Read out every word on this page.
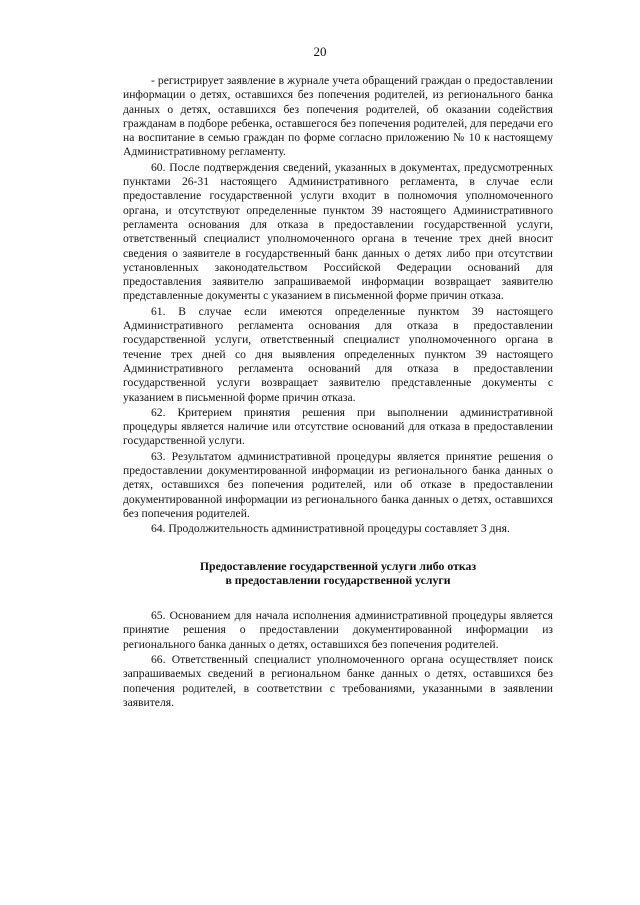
20

- регистрирует заявление в журнале учета обращений граждан о предоставлении информации о детях, оставшихся без попечения родителей, из регионального банка данных о детях, оставшихся без попечения родителей, об оказании содействия гражданам в подборе ребенка, оставшегося без попечения родителей, для передачи его на воспитание в семью граждан по форме согласно приложению № 10 к настоящему Административному регламенту.

60. После подтверждения сведений, указанных в документах, предусмотренных пунктами 26-31 настоящего Административного регламента, в случае если предоставление государственной услуги входит в полномочия уполномоченного органа, и отсутствуют определенные пунктом 39 настоящего Административного регламента основания для отказа в предоставлении государственной услуги, ответственный специалист уполномоченного органа в течение трех дней вносит сведения о заявителе в государственный банк данных о детях либо при отсутствии установленных законодательством Российской Федерации оснований для предоставления заявителю запрашиваемой информации возвращает заявителю представленные документы с указанием в письменной форме причин отказа.

61. В случае если имеются определенные пунктом 39 настоящего Административного регламента основания для отказа в предоставлении государственной услуги, ответственный специалист уполномоченного органа в течение трех дней со дня выявления определенных пунктом 39 настоящего Административного регламента оснований для отказа в предоставлении государственной услуги возвращает заявителю представленные документы с указанием в письменной форме причин отказа.

62. Критерием принятия решения при выполнении административной процедуры является наличие или отсутствие оснований для отказа в предоставлении государственной услуги.

63. Результатом административной процедуры является принятие решения о предоставлении документированной информации из регионального банка данных о детях, оставшихся без попечения родителей, или об отказе в предоставлении документированной информации из регионального банка данных о детях, оставшихся без попечения родителей.

64. Продолжительность административной процедуры составляет 3 дня.

Предоставление государственной услуги либо отказ
в предоставлении государственной услуги

65. Основанием для начала исполнения административной процедуры является принятие решения о предоставлении документированной информации из регионального банка данных о детях, оставшихся без попечения родителей.

66. Ответственный специалист уполномоченного органа осуществляет поиск запрашиваемых сведений в региональном банке данных о детях, оставшихся без попечения родителей, в соответствии с требованиями, указанными в заявлении заявителя.
